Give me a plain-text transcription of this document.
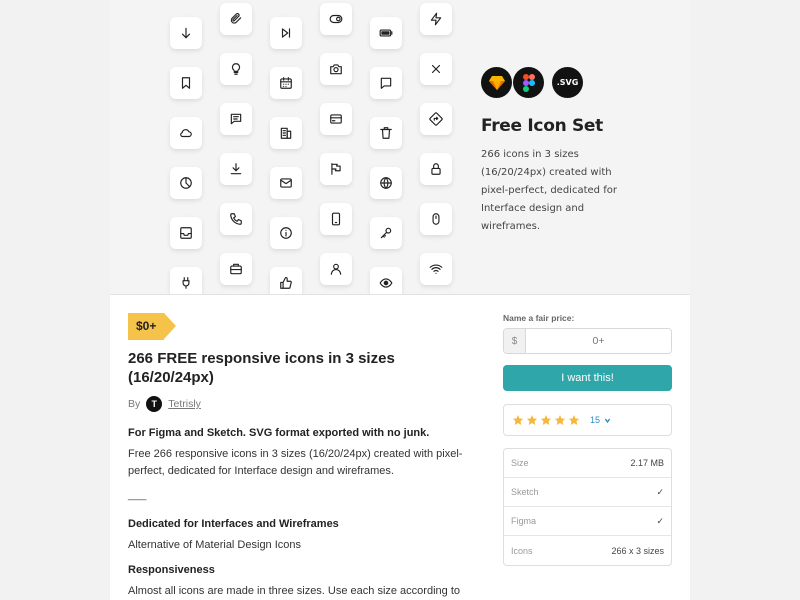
.SVG
Free Icon Set
266 icons in 3 sizes (16/20/24px) created with pixel-perfect, dedicated for Interface design and wireframes.
$0+
266 FREE responsive icons in 3 sizes (16/20/24px)
By	T	Tetrisly
For Figma and Sketch. SVG format exported with no junk.
Free 266 responsive icons in 3 sizes (16/20/24px) created with pixel-perfect, dedicated for Interface design and wireframes.
___
Dedicated for Interfaces and Wireframes
Alternative of Material Design Icons
Responsiveness
Almost all icons are made in three sizes. Use each size according to
Name a fair price:
$
0+
I want this!
15
Size	2.17 MB
Sketch	✓
Figma	✓
Icons	266 x 3 sizes
